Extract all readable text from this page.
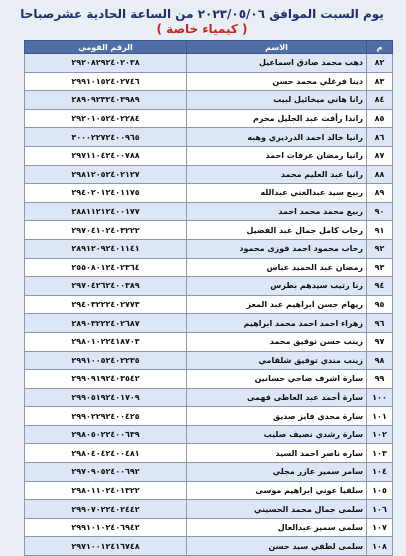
يوم السبت الموافق ٢٠٢٣/٠٥/٠٦ من الساعة الحادية عشرصباحا
( كيمياء خاصة )
م	الاسم	الرقم القومي
٨٢	دهب محمد صادق اسماعيل	٢٩٢٠٨٢٩٢٤٠٢٠٣٨
٨٣	دينا فرغلي محمد حسن	٢٩٩١٠١٥٢٤٠٢٧٤٦
٨٤	رانا هاني ميخائيل لبيب	٢٨٩٠٩٢٣٢٤٠٣٩٨٩
٨٥	راندا رأفت عبد الجليل محرم	٢٩٢٠١٠٥٢٤٠٢٢٨٤
٨٦	رانيا خالد احمد الدرديري وهبه	٣٠٠٠٢٢٧٢٤٠٠٩٦٥
٨٧	رانيا رمضان عرفات احمد	٢٩٧١١٠٤٢٤٠٠٧٨٨
٨٨	رانيا عبد العليم محمد	٢٩٨١٢٠٥٢٤٠٢١٢٧
٨٩	ربيع سيد عبدالغني عبدالله	٢٩٤٠٢٠١٢٤٠١١٧٥
٩٠	ربيع محمد محمد احمد	٢٨٨١١٢١٢٤٠٠١٧٧
٩١	رحاب كامل جمال عبد الفضيل	٢٩٧٠٤١٠٢٤٠٣٢٢٢
٩٢	رحاب محمود احمد فوزى محمود	٢٨٩١٢٠٩٢٤٠١١٤١
٩٣	رمضان عبد الحميد عباس	٢٥٥٠٨٠١٢٤٠٢٣٦٤
٩٤	رنا رتيب سيدهم بطرس	٢٩٧٠٤٢٦٢٤٠٠٣٨٩
٩٥	ريهام حسن ابراهيم عبد المعز	٢٩٤٠٣٢٢٢٤٠٢٧٧٣
٩٦	زهراء احمد احمد محمد ابراهيم	٢٨٩٠٣٢٢٢٤٠٢٦٨٧
٩٧	زينب حسن توفيق محمد	٢٩٨٠١٠٢٢٤١٨٧٠٣
٩٨	زينب مندي توفيق شلقامي	٢٩٩١٠٠٥٢٤٠٢٢٣٥
٩٩	سارة اشرف ضاحي حسانين	٢٩٩٠٩١٩٢٤٠٣٥٤٢
١٠٠	سارة أحمد عبد العاطى فهمى	٢٩٩٠٥١٩٢٤٠١٧٠٩
١٠١	سارة مجدي فايز صديق	٢٩٩٠٢٢٩٢٤٠٠٤٢٥
١٠٢	سارة رشدي نصيف صليب	٢٩٨٠٥٠٢٢٤٠٠٦٣٩
١٠٣	ساره ناصر احمد السيد	٢٩٨٠٤٠٤٢٤٠٠٤٨١
١٠٤	سامر سمير عازر مجلي	٢٩٧٠٩٠٥٢٤٠٠٦٩٢
١٠٥	سلفيا عوني ابراهيم موسى	٢٩٨٠١١٠٢٤٠١٣٢٢
١٠٦	سلمى جمال محمد الحسيني	٢٩٩٠٧٠٢٢٤٠٢٤٤٢
١٠٧	سلمى سمير عبدالعال	٢٩٩١٠١٠٢٤٠٦٩٤٢
١٠٨	سلمى لطفي سيد حسن	٢٩٧١٠٠١٢٤١٦٧٤٨
